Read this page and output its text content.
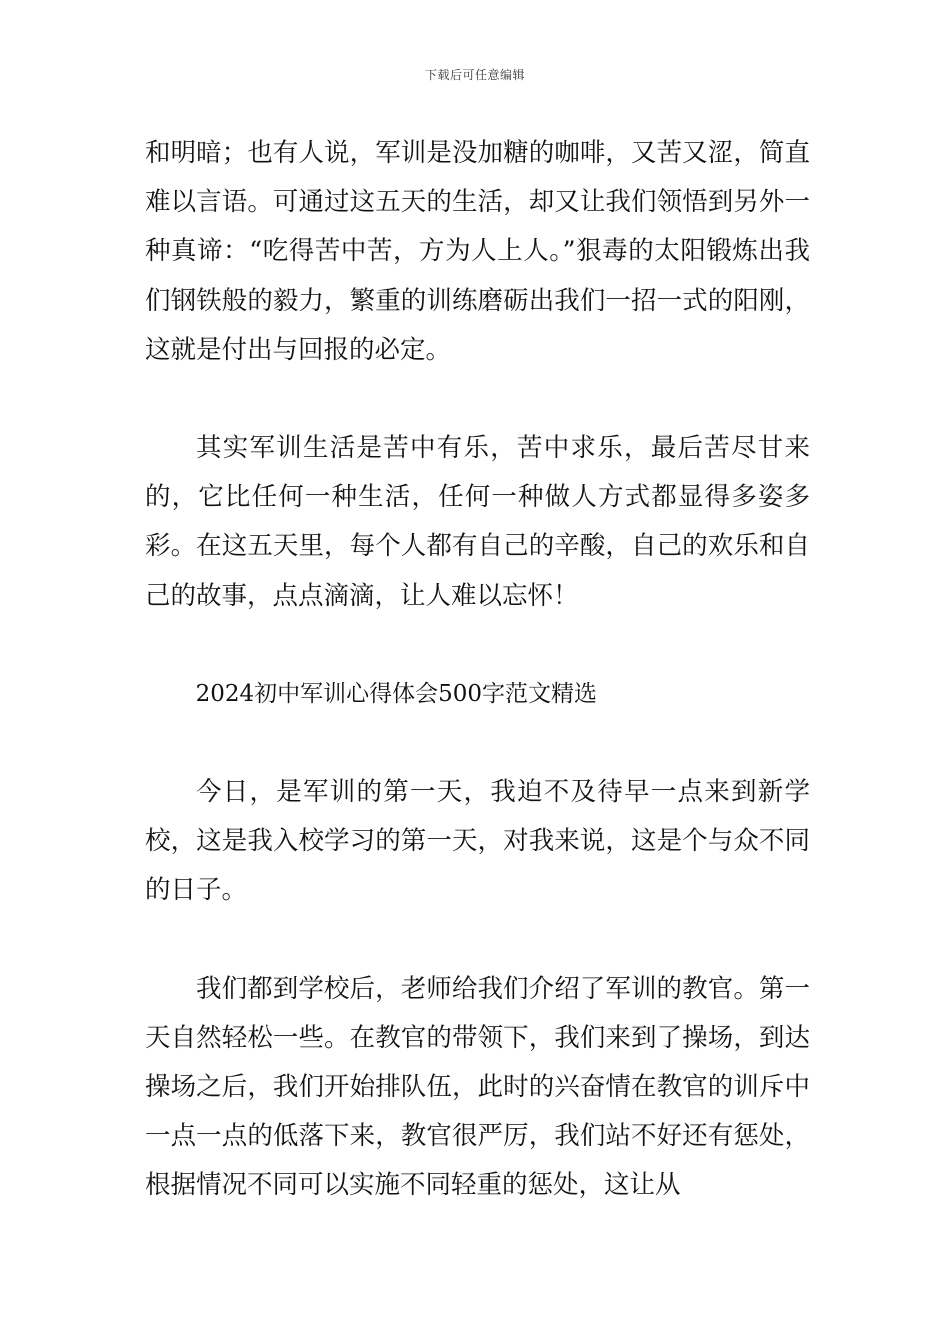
下载后可任意编辑

和明暗；也有人说，军训是没加糖的咖啡，又苦又涩，简直难以言语。可通过这五天的生活，却又让我们领悟到另外一种真谛：“吃得苦中苦，方为人上人。”狠毒的太阳锻炼出我们钢铁般的毅力，繁重的训练磨砺出我们一招一式的阳刚，这就是付出与回报的必定。

其实军训生活是苦中有乐，苦中求乐，最后苦尽甘来的，它比任何一种生活，任何一种做人方式都显得多姿多彩。在这五天里，每个人都有自己的辛酸，自己的欢乐和自己的故事，点点滴滴，让人难以忘怀！

2024初中军训心得体会500字范文精选

今日，是军训的第一天，我迫不及待早一点来到新学校，这是我入校学习的第一天，对我来说，这是个与众不同的日子。

我们都到学校后，老师给我们介绍了军训的教官。第一天自然轻松一些。在教官的带领下，我们来到了操场，到达操场之后，我们开始排队伍，此时的兴奋情在教官的训斥中一点一点的低落下来，教官很严厉，我们站不好还有惩处，根据情况不同可以实施不同轻重的惩处，这让从
